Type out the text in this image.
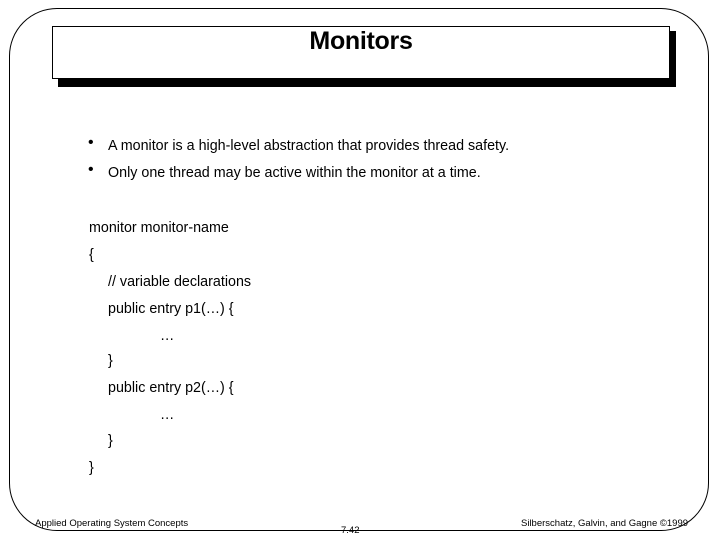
Monitors
• A monitor is a high-level abstraction that provides thread safety.
• Only one thread may be active within the monitor at a time.
monitor monitor-name
{
// variable declarations
public entry p1(…) {
…
}
public entry p2(…) {
…
}
}
Applied Operating System Concepts
7.42
Silberschatz, Galvin, and Gagne ©1999
